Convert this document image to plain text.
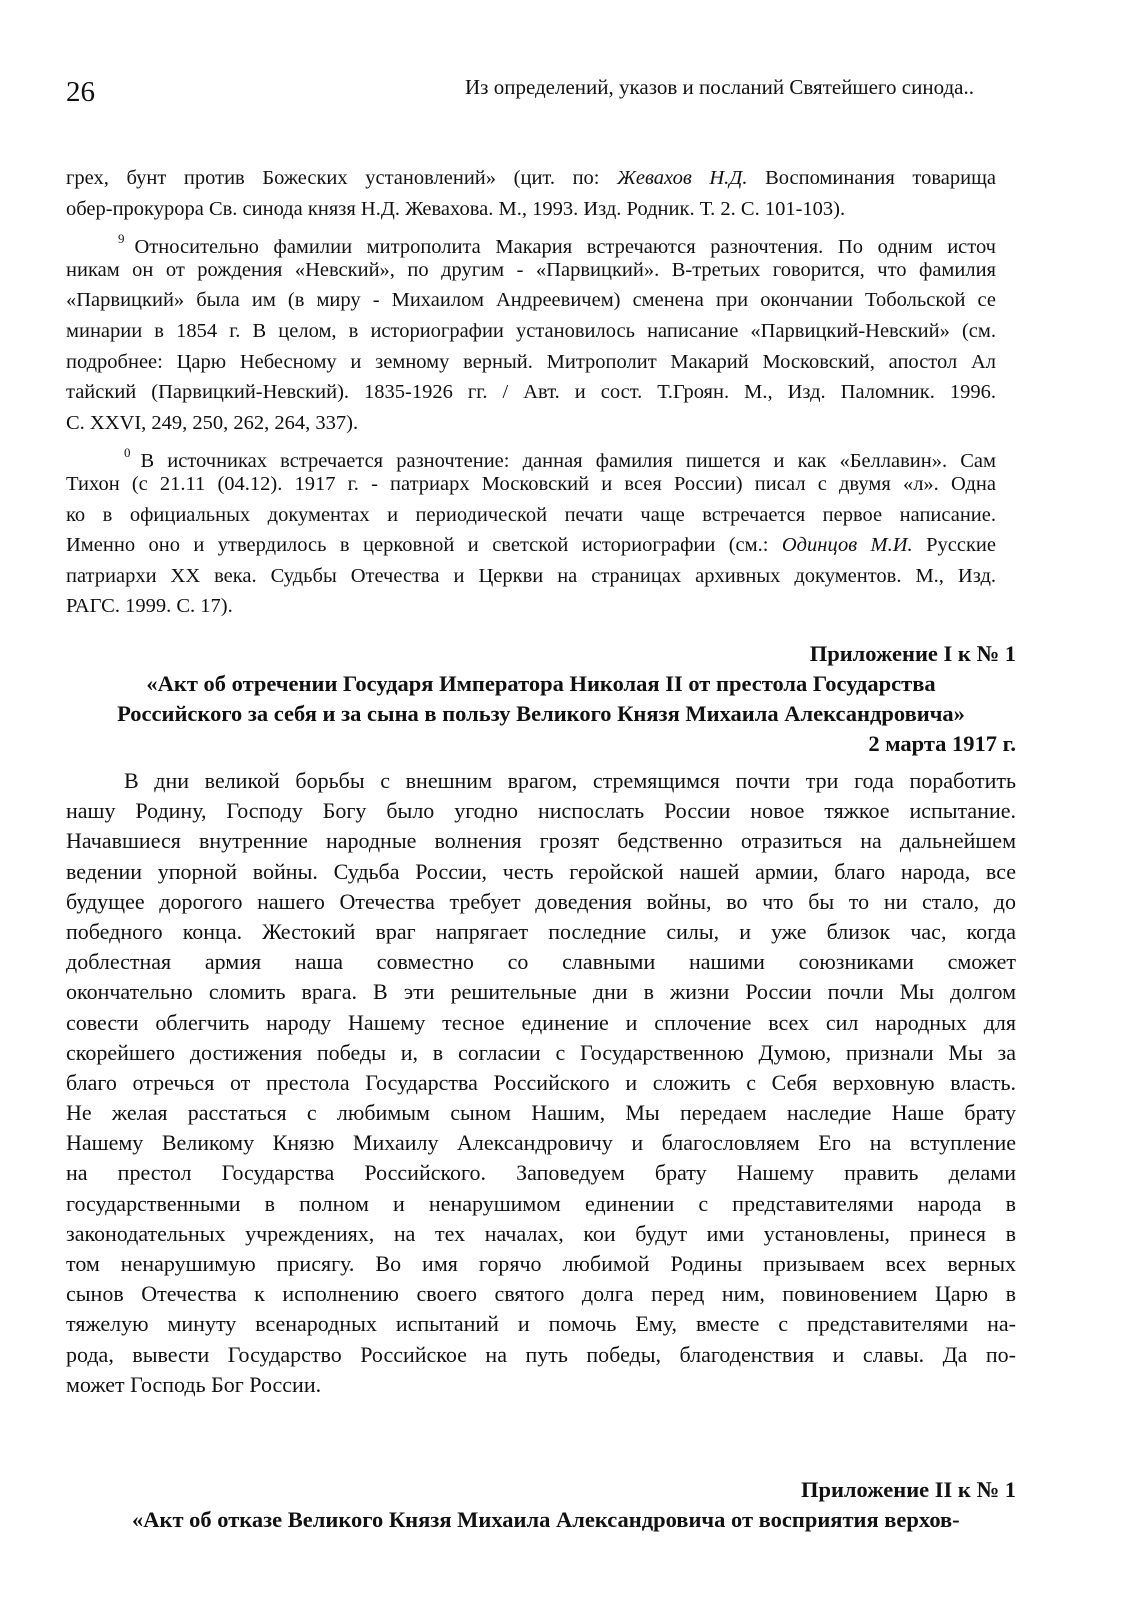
26	Из определений, указов и посланий Святейшего синода..
грех, бунт против Божеских установлений» (цит. по: Жевахов Н.Д. Воспоминания товарища
обер-прокурора Св. синода князя Н.Д. Жевахова. М., 1993. Изд. Родник. Т. 2. С. 101-103).
$^9$ Относительно фамилии митрополита Макария встречаются разночтения. По одним источ
никам он от рождения «Невский», по другим - «Парвицкий». В-третьих говорится, что фамилия
«Парвицкий» была им (в миру - Михаилом Андреевичем) сменена при окончании Тобольской се
минарии в 1854 г. В целом, в историографии установилось написание «Парвицкий-Невский» (см.
подробнее: Царю Небесному и земному верный. Митрополит Макарий Московский, апостол Ал
тайский (Парвицкий-Невский). 1835-1926 гг. / Авт. и сост. Т.Гроян. М., Изд. Паломник. 1996.
С. XXVI, 249, 250, 262, 264, 337).
$^0$ В источниках встречается разночтение: данная фамилия пишется и как «Беллавин». Сам
Тихон (с 21.11 (04.12). 1917 г. - патриарх Московский и всея России) писал с двумя «л». Одна
ко в официальных документах и периодической печати чаще встречается первое написание.
Именно оно и утвердилось в церковной и светской историографии (см.: Одинцов М.И. Русские
патриархи XX века. Судьбы Отечества и Церкви на страницах архивных документов. М., Изд.
РАГС. 1999. С. 17).
Приложение I к № 1
«Акт об отречении Государя Императора Николая II от престола Государства
Российского за себя и за сына в пользу Великого Князя Михаила Александровича»
2 марта 1917 г.
В дни великой борьбы с внешним врагом, стремящимся почти три года поработить
нашу Родину, Господу Богу было угодно ниспослать России новое тяжкое испытание.
Начавшиеся внутренние народные волнения грозят бедственно отразиться на дальнейшем
ведении упорной войны. Судьба России, честь геройской нашей армии, благо народа, все
будущее дорогого нашего Отечества требует доведения войны, во что бы то ни стало, до
победного конца. Жестокий враг напрягает последние силы, и уже близок час, когда
доблестная армия наша совместно со славными нашими союзниками сможет
окончательно сломить врага. В эти решительные дни в жизни России почли Мы долгом
совести облегчить народу Нашему тесное единение и сплочение всех сил народных для
скорейшего достижения победы и, в согласии с Государственною Думою, признали Мы за
благо отречься от престола Государства Российского и сложить с Себя верховную власть.
Не желая расстаться с любимым сыном Нашим, Мы передаем наследие Наше брату
Нашему Великому Князю Михаилу Александровичу и благословляем Его на вступление
на престол Государства Российского. Заповедуем брату Нашему править делами
государственными в полном и ненарушимом единении с представителями народа в
законодательных учреждениях, на тех началах, кои будут ими установлены, принеся в
том ненарушимую присягу. Во имя горячо любимой Родины призываем всех верных
сынов Отечества к исполнению своего святого долга перед ним, повиновением Царю в
тяжелую минуту всенародных испытаний и помочь Ему, вместе с представителями на-
рода, вывести Государство Российское на путь победы, благоденствия и славы. Да по-
может Господь Бог России.
Приложение II к № 1
«Акт об отказе Великого Князя Михаила Александровича от восприятия верхов-
